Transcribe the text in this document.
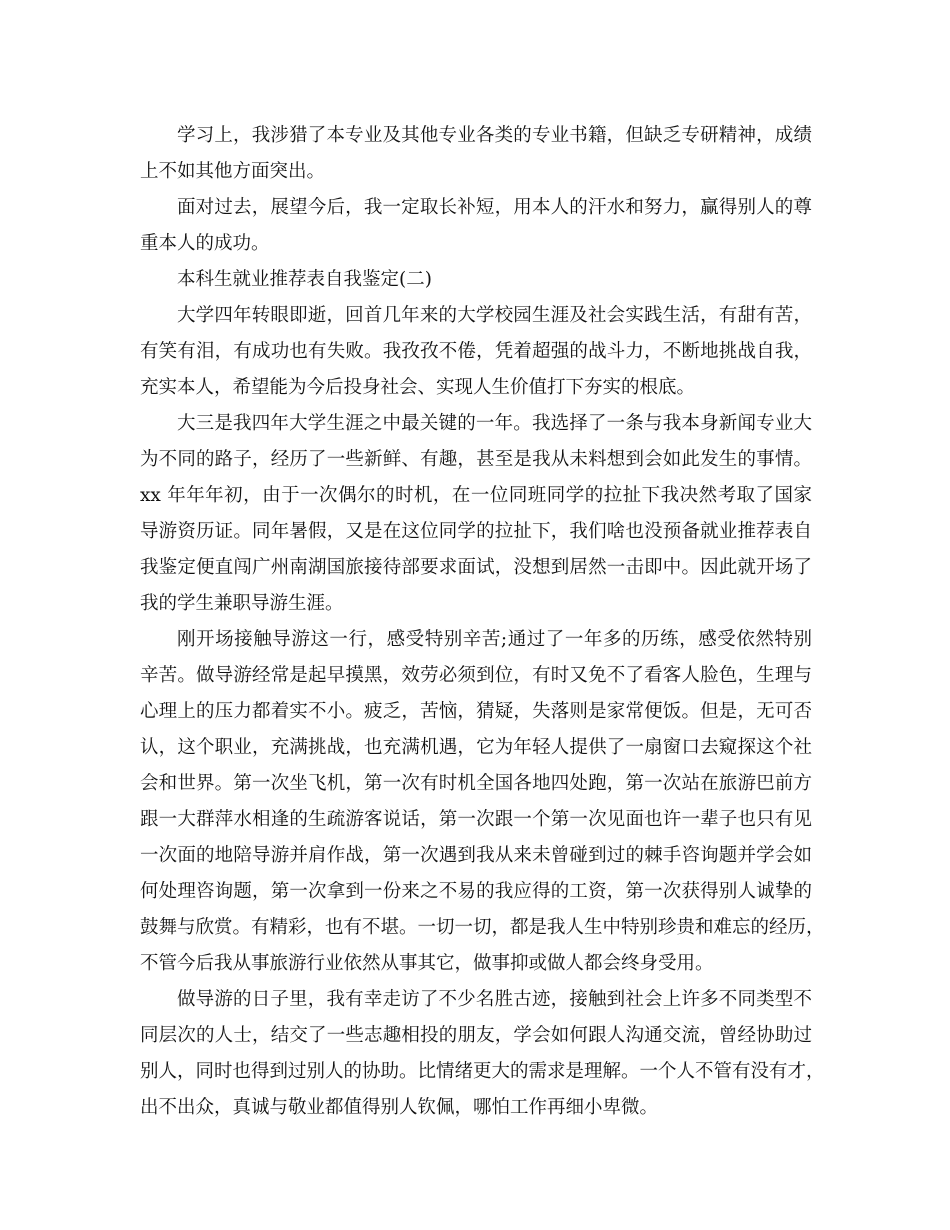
学习上，我涉猎了本专业及其他专业各类的专业书籍，但缺乏专研精神，成绩
上不如其他方面突出。
面对过去，展望今后，我一定取长补短，用本人的汗水和努力，赢得别人的尊
重本人的成功。
本科生就业推荐表自我鉴定(二)
大学四年转眼即逝，回首几年来的大学校园生涯及社会实践生活，有甜有苦，
有笑有泪，有成功也有失败。我孜孜不倦，凭着超强的战斗力，不断地挑战自我，
充实本人，希望能为今后投身社会、实现人生价值打下夯实的根底。
大三是我四年大学生涯之中最关键的一年。我选择了一条与我本身新闻专业大
为不同的路子，经历了一些新鲜、有趣，甚至是我从未料想到会如此发生的事情。
xx 年年年初，由于一次偶尔的时机，在一位同班同学的拉扯下我决然考取了国家
导游资历证。同年暑假，又是在这位同学的拉扯下，我们啥也没预备就业推荐表自
我鉴定便直闯广州南湖国旅接待部要求面试，没想到居然一击即中。因此就开场了
我的学生兼职导游生涯。
刚开场接触导游这一行，感受特别辛苦;通过了一年多的历练，感受依然特别
辛苦。做导游经常是起早摸黑，效劳必须到位，有时又免不了看客人脸色，生理与
心理上的压力都着实不小。疲乏，苦恼，猜疑，失落则是家常便饭。但是，无可否
认，这个职业，充满挑战，也充满机遇，它为年轻人提供了一扇窗口去窥探这个社
会和世界。第一次坐飞机，第一次有时机全国各地四处跑，第一次站在旅游巴前方
跟一大群萍水相逢的生疏游客说话，第一次跟一个第一次见面也许一辈子也只有见
一次面的地陪导游并肩作战，第一次遇到我从来未曾碰到过的棘手咨询题并学会如
何处理咨询题，第一次拿到一份来之不易的我应得的工资，第一次获得别人诚挚的
鼓舞与欣赏。有精彩，也有不堪。一切一切，都是我人生中特别珍贵和难忘的经历，
不管今后我从事旅游行业依然从事其它，做事抑或做人都会终身受用。
做导游的日子里，我有幸走访了不少名胜古迹，接触到社会上许多不同类型不
同层次的人士，结交了一些志趣相投的朋友，学会如何跟人沟通交流，曾经协助过
别人，同时也得到过别人的协助。比情绪更大的需求是理解。一个人不管有没有才，
出不出众，真诚与敬业都值得别人钦佩，哪怕工作再细小卑微。
